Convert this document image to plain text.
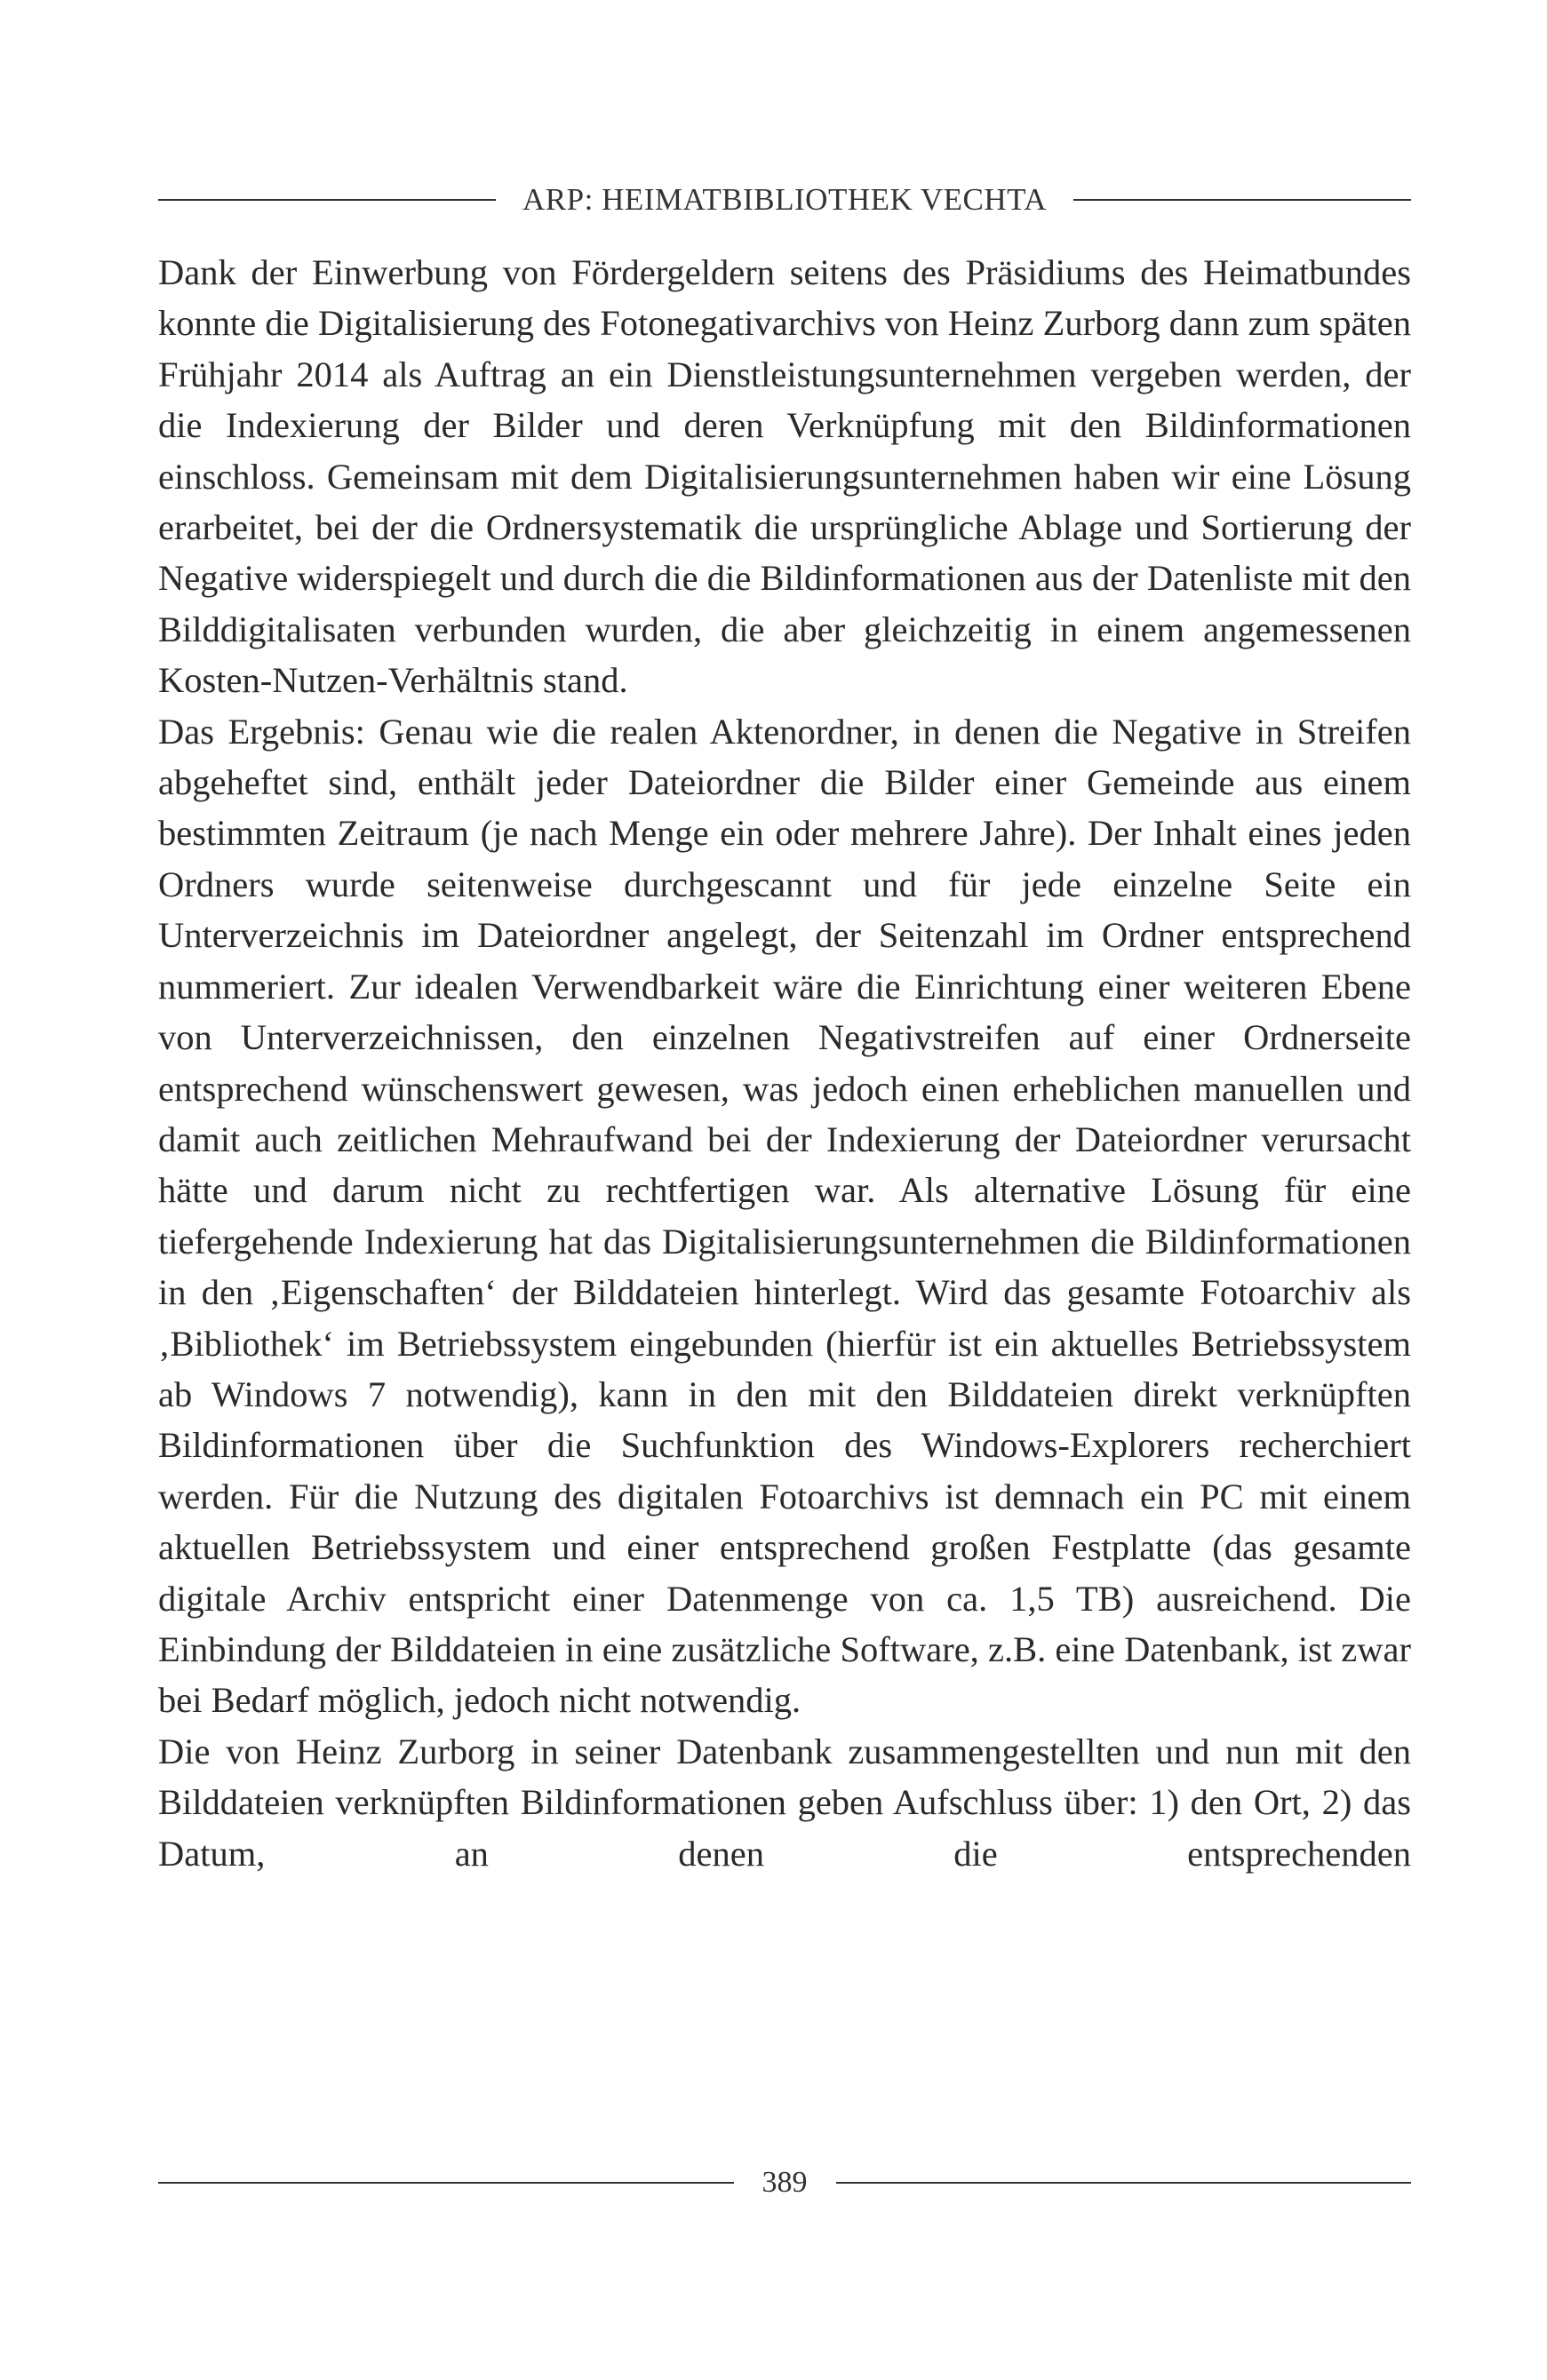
ARP: HEIMATBIBLIOTHEK VECHTA

Dank der Einwerbung von Fördergeldern seitens des Präsidiums des Heimatbundes konnte die Digitalisierung des Fotonegativarchivs von Heinz Zurborg dann zum späten Frühjahr 2014 als Auftrag an ein Dienstleistungsunternehmen vergeben werden, der die Indexierung der Bilder und deren Verknüpfung mit den Bildinformationen einschloss. Gemeinsam mit dem Digitalisierungsunternehmen haben wir eine Lösung erarbeitet, bei der die Ordnersystematik die ursprüngliche Ablage und Sortierung der Negative widerspiegelt und durch die die Bildinformationen aus der Datenliste mit den Bilddigitalisaten verbunden wurden, die aber gleichzeitig in einem angemessenen Kosten-Nutzen-Verhältnis stand.

Das Ergebnis: Genau wie die realen Aktenordner, in denen die Negative in Streifen abgeheftet sind, enthält jeder Dateiordner die Bilder einer Gemeinde aus einem bestimmten Zeitraum (je nach Menge ein oder mehrere Jahre). Der Inhalt eines jeden Ordners wurde seitenweise durchgescannt und für jede einzelne Seite ein Unterverzeichnis im Dateiordner angelegt, der Seitenzahl im Ordner entsprechend nummeriert. Zur idealen Verwendbarkeit wäre die Einrichtung einer weiteren Ebene von Unterverzeichnissen, den einzelnen Negativstreifen auf einer Ordnerseite entsprechend wünschenswert gewesen, was jedoch einen erheblichen manuellen und damit auch zeitlichen Mehraufwand bei der Indexierung der Dateiordner verursacht hätte und darum nicht zu rechtfertigen war. Als alternative Lösung für eine tiefergehende Indexierung hat das Digitalisierungsunternehmen die Bildinformationen in den ‚Eigenschaften‘ der Bilddateien hinterlegt. Wird das gesamte Fotoarchiv als ‚Bibliothek‘ im Betriebssystem eingebunden (hierfür ist ein aktuelles Betriebssystem ab Windows 7 notwendig), kann in den mit den Bilddateien direkt verknüpften Bildinformationen über die Suchfunktion des Windows-Explorers recherchiert werden. Für die Nutzung des digitalen Fotoarchivs ist demnach ein PC mit einem aktuellen Betriebssystem und einer entsprechend großen Festplatte (das gesamte digitale Archiv entspricht einer Datenmenge von ca. 1,5 TB) ausreichend. Die Einbindung der Bilddateien in eine zusätzliche Software, z.B. eine Datenbank, ist zwar bei Bedarf möglich, jedoch nicht notwendig.

Die von Heinz Zurborg in seiner Datenbank zusammengestellten und nun mit den Bilddateien verknüpften Bildinformationen geben Aufschluss über: 1) den Ort, 2) das Datum, an denen die entsprechenden

389
